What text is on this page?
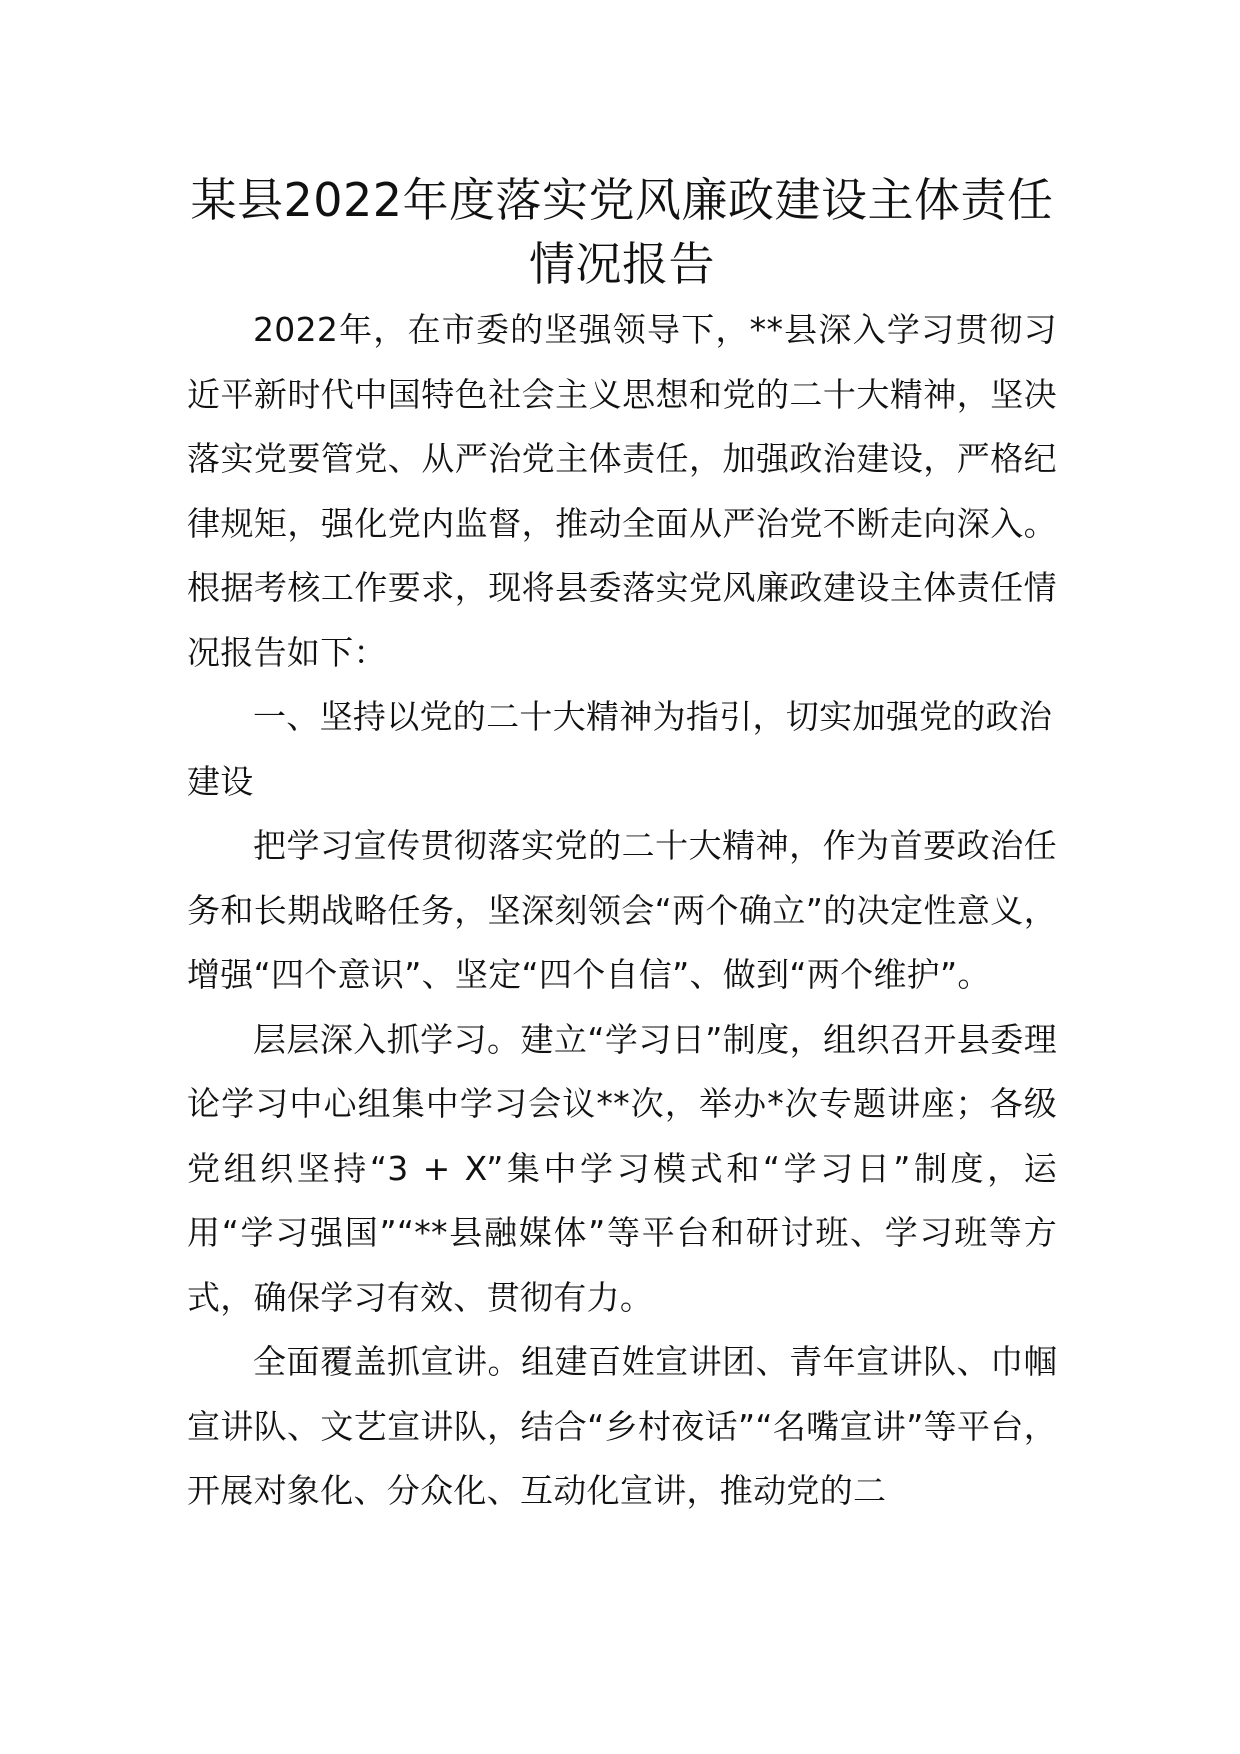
某县2022年度落实党风廉政建设主体责任
情况报告

2022年，在市委的坚强领导下，**县深入学习贯彻习近平新时代中国特色社会主义思想和党的二十大精神，坚决落实党要管党、从严治党主体责任，加强政治建设，严格纪律规矩，强化党内监督，推动全面从严治党不断走向深入。根据考核工作要求，现将县委落实党风廉政建设主体责任情况报告如下：

一、坚持以党的二十大精神为指引，切实加强党的政治建设

把学习宣传贯彻落实党的二十大精神，作为首要政治任务和长期战略任务，坚深刻领会“两个确立”的决定性意义，增强“四个意识”、坚定“四个自信”、做到“两个维护”。

层层深入抓学习。建立“学习日”制度，组织召开县委理论学习中心组集中学习会议**次，举办*次专题讲座；各级党组织坚持“3 + X”集中学习模式和“学习日”制度，运用“学习强国”“**县融媒体”等平台和研讨班、学习班等方式，确保学习有效、贯彻有力。

全面覆盖抓宣讲。组建百姓宣讲团、青年宣讲队、巾帼宣讲队、文艺宣讲队，结合“乡村夜话”“名嘴宣讲”等平台，开展对象化、分众化、互动化宣讲，推动党的二
